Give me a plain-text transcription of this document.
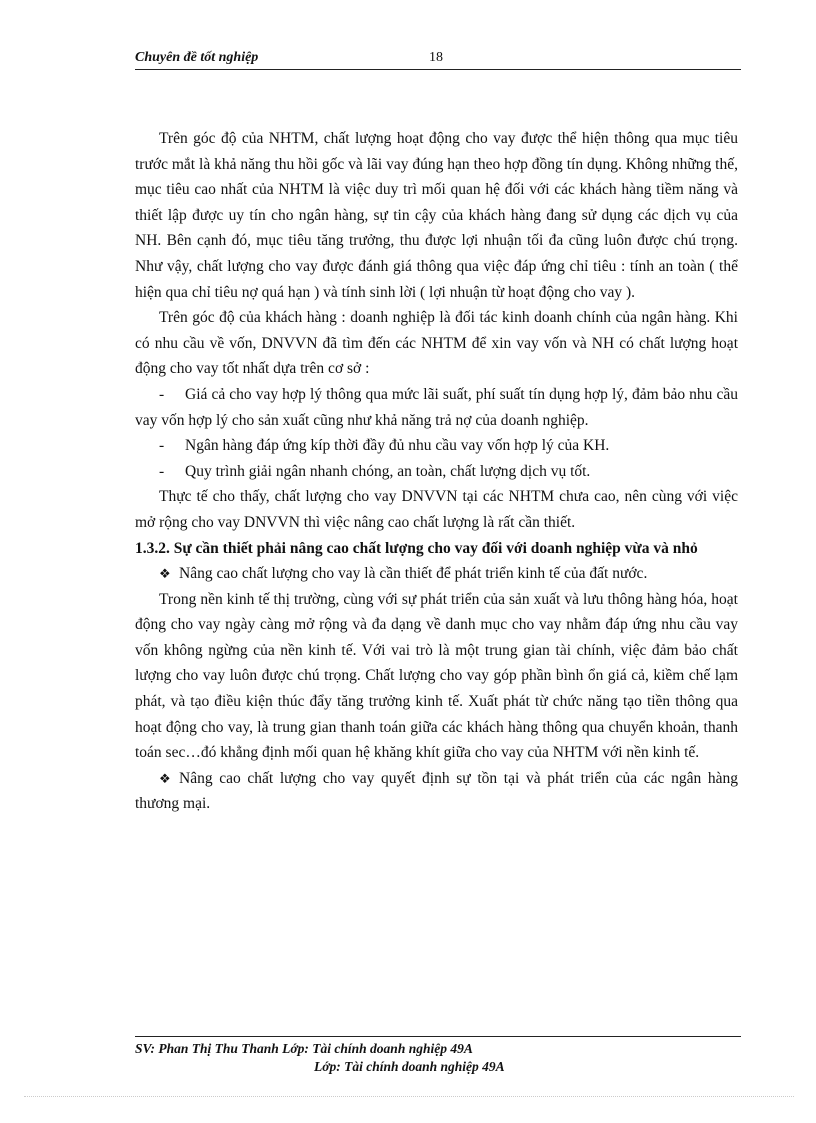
Chuyên đề tốt nghiệp	18

Trên góc độ của NHTM, chất lượng hoạt động cho vay được thể hiện thông qua mục tiêu trước mắt là khả năng thu hồi gốc và lãi vay đúng hạn theo hợp đồng tín dụng. Không những thế, mục tiêu cao nhất của NHTM là việc duy trì mối quan hệ đối với các khách hàng tiềm năng và thiết lập được uy tín cho ngân hàng, sự tin cậy của khách hàng đang sử dụng các dịch vụ của NH. Bên cạnh đó, mục tiêu tăng trưởng, thu được lợi nhuận tối đa cũng luôn được chú trọng. Như vậy, chất lượng cho vay được đánh giá thông qua việc đáp ứng chỉ tiêu : tính an toàn ( thể hiện qua chỉ tiêu nợ quá hạn ) và tính sinh lời ( lợi nhuận từ hoạt động cho vay ).

Trên góc độ của khách hàng : doanh nghiệp là đối tác kinh doanh chính của ngân hàng. Khi có nhu cầu về vốn, DNVVN đã tìm đến các NHTM để xin vay vốn và NH có chất lượng hoạt động cho vay tốt nhất dựa trên cơ sở :

- Giá cả cho vay hợp lý thông qua mức lãi suất, phí suất tín dụng hợp lý, đảm bảo nhu cầu vay vốn hợp lý cho sản xuất cũng như khả năng trả nợ của doanh nghiệp.

- Ngân hàng đáp ứng kíp thời đầy đủ nhu cầu vay vốn hợp lý của KH.

- Quy trình giải ngân nhanh chóng, an toàn, chất lượng dịch vụ tốt.

Thực tế cho thấy, chất lượng cho vay DNVVN tại các NHTM chưa cao, nên cùng với việc mở rộng cho vay DNVVN thì việc nâng cao chất lượng là rất cần thiết.

1.3.2. Sự cần thiết phải nâng cao chất lượng cho vay đối với doanh nghiệp vừa và nhỏ

❖ Nâng cao chất lượng cho vay là cần thiết để phát triển kinh tế của đất nước.

Trong nền kinh tế thị trường, cùng với sự phát triển của sản xuất và lưu thông hàng hóa, hoạt động cho vay ngày càng mở rộng và đa dạng về danh mục cho vay nhằm đáp ứng nhu cầu vay vốn không ngừng của nền kinh tế. Với vai trò là một trung gian tài chính, việc đảm bảo chất lượng cho vay luôn được chú trọng. Chất lượng cho vay góp phần bình ổn giá cả, kiềm chế lạm phát, và tạo điều kiện thúc đẩy tăng trưởng kinh tế. Xuất phát từ chức năng tạo tiền thông qua hoạt động cho vay, là trung gian thanh toán giữa các khách hàng thông qua chuyển khoản, thanh toán sec…đó khẳng định mối quan hệ khăng khít giữa cho vay của NHTM với nền kinh tế.

❖ Nâng cao chất lượng cho vay quyết định sự tồn tại và phát triển của các ngân hàng thương mại.

SV: Phan Thị Thu Thanh Lớp: Tài chính doanh nghiệp 49A
Lớp: Tài chính doanh nghiệp 49A
